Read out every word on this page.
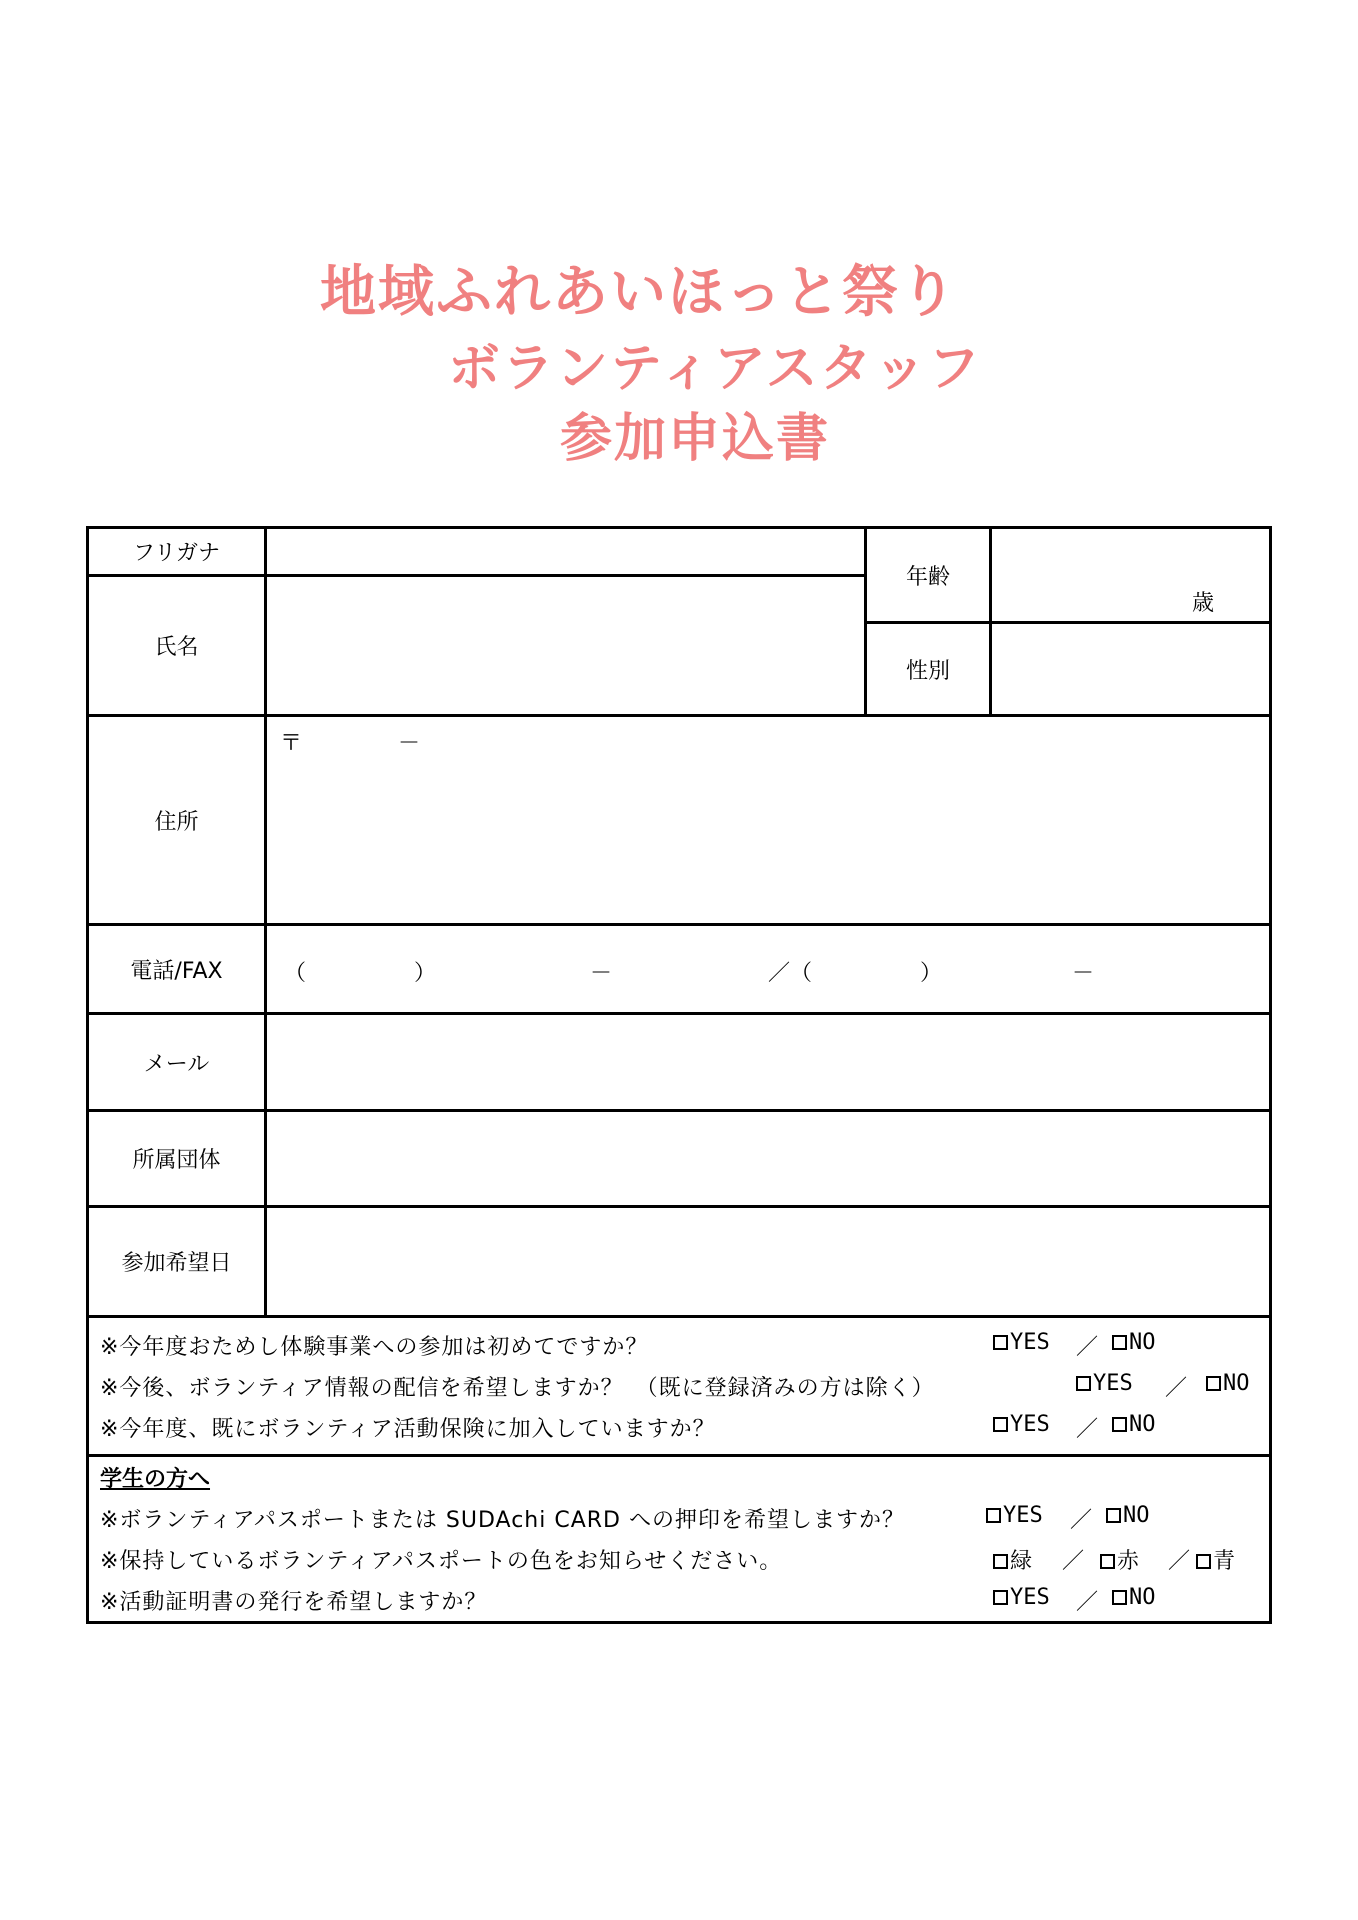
地域ふれあいほっと祭り
ボランティアスタッフ
参加申込書
フリガナ
氏名
年齢
歳
性別
住所
〒	－
電話/FAX	（	）	－	／（	）	－
メール
所属団体
参加希望日
※今年度おためし体験事業への参加は初めてですか？	YES ／	NO
※今後、ボランティア情報の配信を希望しますか？　（既に登録済みの方は除く）	YES ／	NO
※今年度、既にボランティア活動保険に加入していますか？	YES ／	NO
学生の方へ
※ボランティアパスポートまたは SUDAchi CARD への押印を希望しますか？	YES ／	NO
※保持しているボランティアパスポートの色をお知らせください。	緑 ／	赤 ／	青
※活動証明書の発行を希望しますか？	YES ／	NO
